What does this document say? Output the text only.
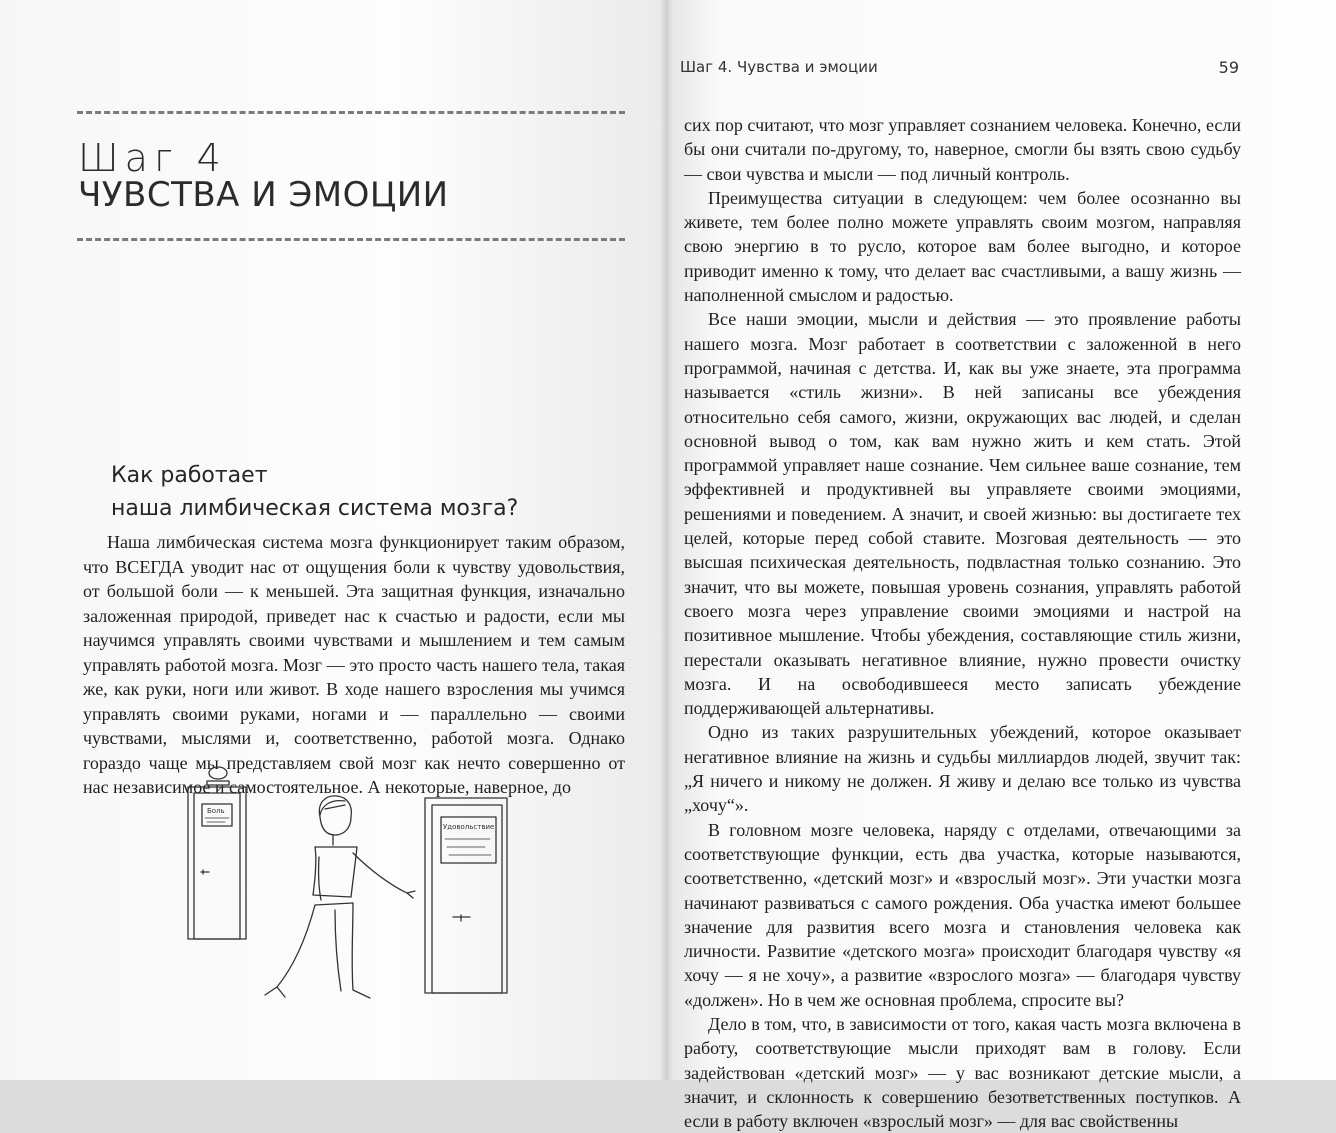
Шаг 4
ЧУВСТВА И ЭМОЦИИ
Как работает
наша лимбическая система мозга?

Наша лимбическая система мозга функционирует таким образом, что ВСЕГДА уводит нас от ощущения боли к чувству удовольствия, от большой боли — к меньшей. Эта защитная функция, изначально заложенная природой, приведет нас к счастью и радости, если мы научимся управлять своими чувствами и мышлением и тем самым управлять работой мозга. Мозг — это просто часть нашего тела, такая же, как руки, ноги или живот. В ходе нашего взросления мы учимся управлять своими руками, ногами и — параллельно — своими чувствами, мыслями и, соответственно, работой мозга. Однако гораздо чаще мы представляем свой мозг как нечто совершенно от нас независимое и самостоятельное. А некоторые, наверное, до

Боль
Удовольствие
Шаг 4. Чувства и эмоции	59

сих пор считают, что мозг управляет сознанием человека. Конечно, если бы они считали по-другому, то, наверное, смогли бы взять свою судьбу — свои чувства и мысли — под личный контроль.

Преимущества ситуации в следующем: чем более осознанно вы живете, тем более полно можете управлять своим мозгом, направляя свою энергию в то русло, которое вам более выгодно, и которое приводит именно к тому, что делает вас счастливыми, а вашу жизнь — наполненной смыслом и радостью.

Все наши эмоции, мысли и действия — это проявление работы нашего мозга. Мозг работает в соответствии с заложенной в него программой, начиная с детства. И, как вы уже знаете, эта программа называется «стиль жизни». В ней записаны все убеждения относительно себя самого, жизни, окружающих вас людей, и сделан основной вывод о том, как вам нужно жить и кем стать. Этой программой управляет наше сознание. Чем сильнее ваше сознание, тем эффективней и продуктивней вы управляете своими эмоциями, решениями и поведением. А значит, и своей жизнью: вы достигаете тех целей, которые перед собой ставите. Мозговая деятельность — это высшая психическая деятельность, подвластная только сознанию. Это значит, что вы можете, повышая уровень сознания, управлять работой своего мозга через управление своими эмоциями и настрой на позитивное мышление. Чтобы убеждения, составляющие стиль жизни, перестали оказывать негативное влияние, нужно провести очистку мозга. И на освободившееся место записать убеждение поддерживающей альтернативы.

Одно из таких разрушительных убеждений, которое оказывает негативное влияние на жизнь и судьбы миллиардов людей, звучит так: „Я ничего и никому не должен. Я живу и делаю все только из чувства „хочу“».

В головном мозге человека, наряду с отделами, отвечающими за соответствующие функции, есть два участка, которые называются, соответственно, «детский мозг» и «взрослый мозг». Эти участки мозга начинают развиваться с самого рождения. Оба участка имеют большее значение для развития всего мозга и становления человека как личности. Развитие «детского мозга» происходит благодаря чувству «я хочу — я не хочу», а развитие «взрослого мозга» — благодаря чувству «должен». Но в чем же основная проблема, спросите вы?

Дело в том, что, в зависимости от того, какая часть мозга включена в работу, соответствующие мысли приходят вам в голову. Если задействован «детский мозг» — у вас возникают детские мысли, а значит, и склонность к совершению безответственных поступков. А если в работу включен «взрослый мозг» — для вас свойственны
